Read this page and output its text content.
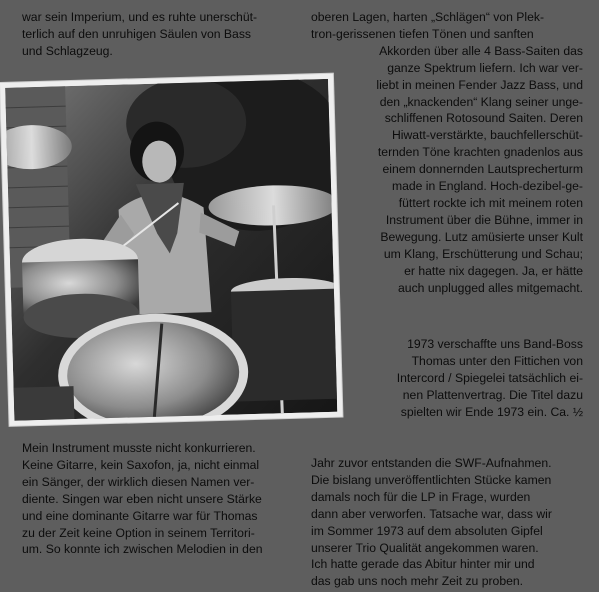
war sein Imperium, und es ruhte unerschüt-
terlich auf den unruhigen Säulen von Bass
und Schlagzeug.
oberen Lagen, harten „Schlägen“ von Plek-
tron-gerissenen tiefen Tönen und sanften
Akkorden über alle 4 Bass-Saiten das
ganze Spektrum liefern. Ich war ver-
liebt in meinen Fender Jazz Bass, und
den „knackenden“ Klang seiner unge-
schliffenen Rotosound Saiten. Deren
Hiwatt-verstärkte, bauchfellerschüt-
ternden Töne krachten gnadenlos aus
einem donnernden Lautsprecherturm
made in England. Hoch-dezibel-ge-
füttert rockte ich mit meinem roten
Instrument über die Bühne, immer in
Bewegung. Lutz amüsierte unser Kult
um Klang, Erschütterung und Schau;
er hatte nix dagegen. Ja, er hätte
auch unplugged alles mitgemacht.
1973 verschaffte uns Band-Boss
Thomas unter den Fittichen von
Intercord / Spiegelei tatsächlich ei-
nen Plattenvertrag. Die Titel dazu
spielten wir Ende 1973 ein. Ca. ½
Jahr zuvor entstanden die SWF-Aufnahmen.
Die bislang unveröffentlichten Stücke kamen
damals noch für die LP in Frage, wurden
dann aber verworfen. Tatsache war, dass wir
im Sommer 1973 auf dem absoluten Gipfel
unserer Trio Qualität angekommen waren.
Ich hatte gerade das Abitur hinter mir und
das gab uns noch mehr Zeit zu proben.
Mein Instrument musste nicht konkurrieren.
Keine Gitarre, kein Saxofon, ja, nicht einmal
ein Sänger, der wirklich diesen Namen ver-
diente. Singen war eben nicht unsere Stärke
und eine dominante Gitarre war für Thomas
zu der Zeit keine Option in seinem Territori-
um. So konnte ich zwischen Melodien in den
